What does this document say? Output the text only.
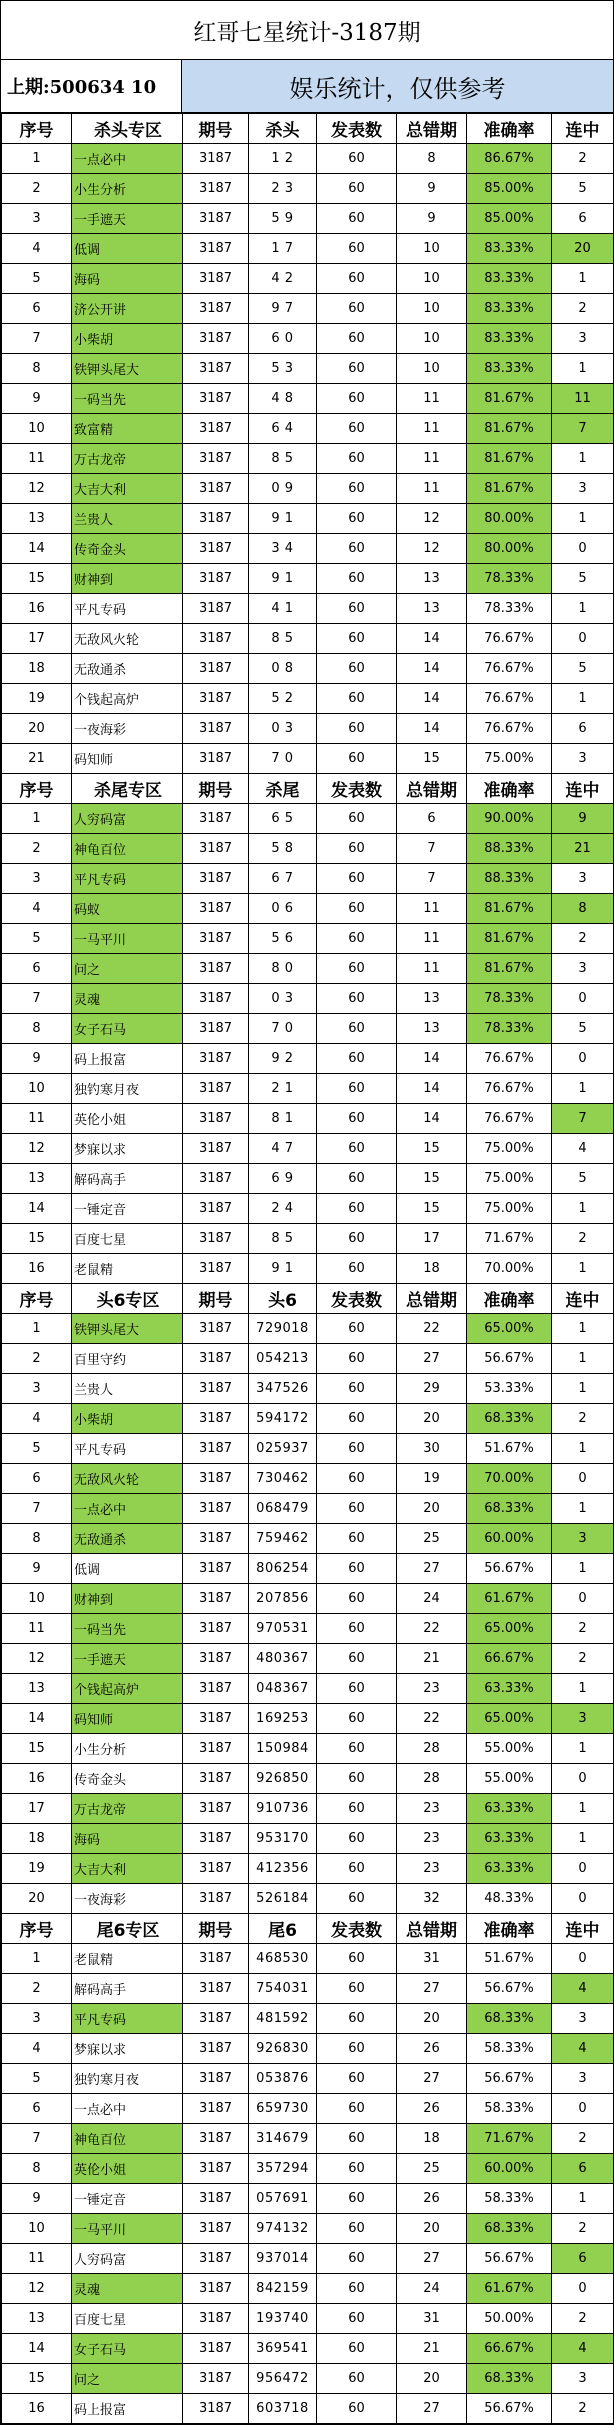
红哥七星统计-3187期
上期:500634 10	娱乐统计，仅供参考
序号	杀头专区	期号	杀头	发表数	总错期	准确率	连中
1	一点必中	3187	1 2	60	8	86.67%	2
2	小生分析	3187	2 3	60	9	85.00%	5
3	一手遮天	3187	5 9	60	9	85.00%	6
4	低调	3187	1 7	60	10	83.33%	20
5	海码	3187	4 2	60	10	83.33%	1
6	济公开讲	3187	9 7	60	10	83.33%	2
7	小柴胡	3187	6 0	60	10	83.33%	3
8	铁钾头尾大	3187	5 3	60	10	83.33%	1
9	一码当先	3187	4 8	60	11	81.67%	11
10	致富精	3187	6 4	60	11	81.67%	7
11	万古龙帝	3187	8 5	60	11	81.67%	1
12	大吉大利	3187	0 9	60	11	81.67%	3
13	兰贵人	3187	9 1	60	12	80.00%	1
14	传奇金头	3187	3 4	60	12	80.00%	0
15	财神到	3187	9 1	60	13	78.33%	5
16	平凡专码	3187	4 1	60	13	78.33%	1
17	无敌风火轮	3187	8 5	60	14	76.67%	0
18	无敌通杀	3187	0 8	60	14	76.67%	5
19	个钱起高炉	3187	5 2	60	14	76.67%	1
20	一夜海彩	3187	0 3	60	14	76.67%	6
21	码知师	3187	7 0	60	15	75.00%	3
序号	杀尾专区	期号	杀尾	发表数	总错期	准确率	连中
1	人穷码富	3187	6 5	60	6	90.00%	9
2	神龟百位	3187	5 8	60	7	88.33%	21
3	平凡专码	3187	6 7	60	7	88.33%	3
4	码蚁	3187	0 6	60	11	81.67%	8
5	一马平川	3187	5 6	60	11	81.67%	2
6	问之	3187	8 0	60	11	81.67%	3
7	灵魂	3187	0 3	60	13	78.33%	0
8	女子石马	3187	7 0	60	13	78.33%	5
9	码上报富	3187	9 2	60	14	76.67%	0
10	独钓寒月夜	3187	2 1	60	14	76.67%	1
11	英伦小姐	3187	8 1	60	14	76.67%	7
12	梦寐以求	3187	4 7	60	15	75.00%	4
13	解码高手	3187	6 9	60	15	75.00%	5
14	一锤定音	3187	2 4	60	15	75.00%	1
15	百度七星	3187	8 5	60	17	71.67%	2
16	老鼠精	3187	9 1	60	18	70.00%	1
序号	头6专区	期号	头6	发表数	总错期	准确率	连中
1	铁钾头尾大	3187	729018	60	22	65.00%	1
2	百里守约	3187	054213	60	27	56.67%	1
3	兰贵人	3187	347526	60	29	53.33%	1
4	小柴胡	3187	594172	60	20	68.33%	2
5	平凡专码	3187	025937	60	30	51.67%	1
6	无敌风火轮	3187	730462	60	19	70.00%	0
7	一点必中	3187	068479	60	20	68.33%	1
8	无敌通杀	3187	759462	60	25	60.00%	3
9	低调	3187	806254	60	27	56.67%	1
10	财神到	3187	207856	60	24	61.67%	0
11	一码当先	3187	970531	60	22	65.00%	2
12	一手遮天	3187	480367	60	21	66.67%	2
13	个钱起高炉	3187	048367	60	23	63.33%	1
14	码知师	3187	169253	60	22	65.00%	3
15	小生分析	3187	150984	60	28	55.00%	1
16	传奇金头	3187	926850	60	28	55.00%	0
17	万古龙帝	3187	910736	60	23	63.33%	1
18	海码	3187	953170	60	23	63.33%	1
19	大吉大利	3187	412356	60	23	63.33%	0
20	一夜海彩	3187	526184	60	32	48.33%	0
序号	尾6专区	期号	尾6	发表数	总错期	准确率	连中
1	老鼠精	3187	468530	60	31	51.67%	0
2	解码高手	3187	754031	60	27	56.67%	4
3	平凡专码	3187	481592	60	20	68.33%	3
4	梦寐以求	3187	926830	60	26	58.33%	4
5	独钓寒月夜	3187	053876	60	27	56.67%	3
6	一点必中	3187	659730	60	26	58.33%	0
7	神龟百位	3187	314679	60	18	71.67%	2
8	英伦小姐	3187	357294	60	25	60.00%	6
9	一锤定音	3187	057691	60	26	58.33%	1
10	一马平川	3187	974132	60	20	68.33%	2
11	人穷码富	3187	937014	60	27	56.67%	6
12	灵魂	3187	842159	60	24	61.67%	0
13	百度七星	3187	193740	60	31	50.00%	2
14	女子石马	3187	369541	60	21	66.67%	4
15	问之	3187	956472	60	20	68.33%	3
16	码上报富	3187	603718	60	27	56.67%	2
